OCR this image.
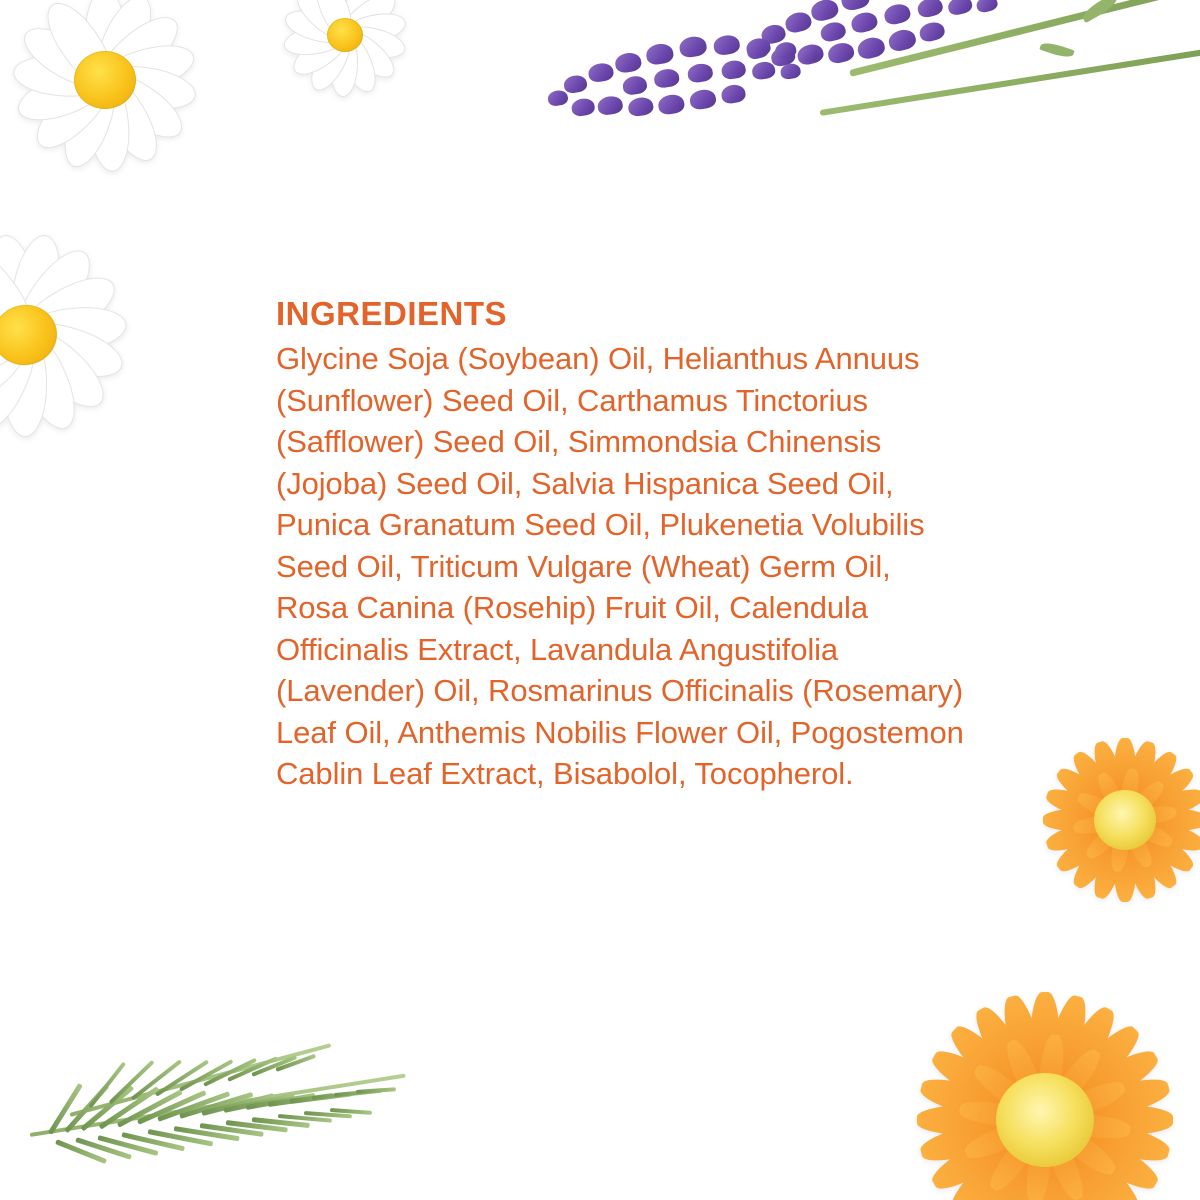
INGREDIENTS

Glycine Soja (Soybean) Oil, Helianthus Annuus (Sunflower) Seed Oil, Carthamus Tinctorius (Safflower) Seed Oil, Simmondsia Chinensis (Jojoba) Seed Oil, Salvia Hispanica Seed Oil, Punica Granatum Seed Oil, Plukenetia Volubilis Seed Oil, Triticum Vulgare (Wheat) Germ Oil, Rosa Canina (Rosehip) Fruit Oil, Calendula Officinalis Extract, Lavandula Angustifolia (Lavender) Oil, Rosmarinus Officinalis (Rosemary) Leaf Oil, Anthemis Nobilis Flower Oil, Pogostemon Cablin Leaf Extract, Bisabolol, Tocopherol.
